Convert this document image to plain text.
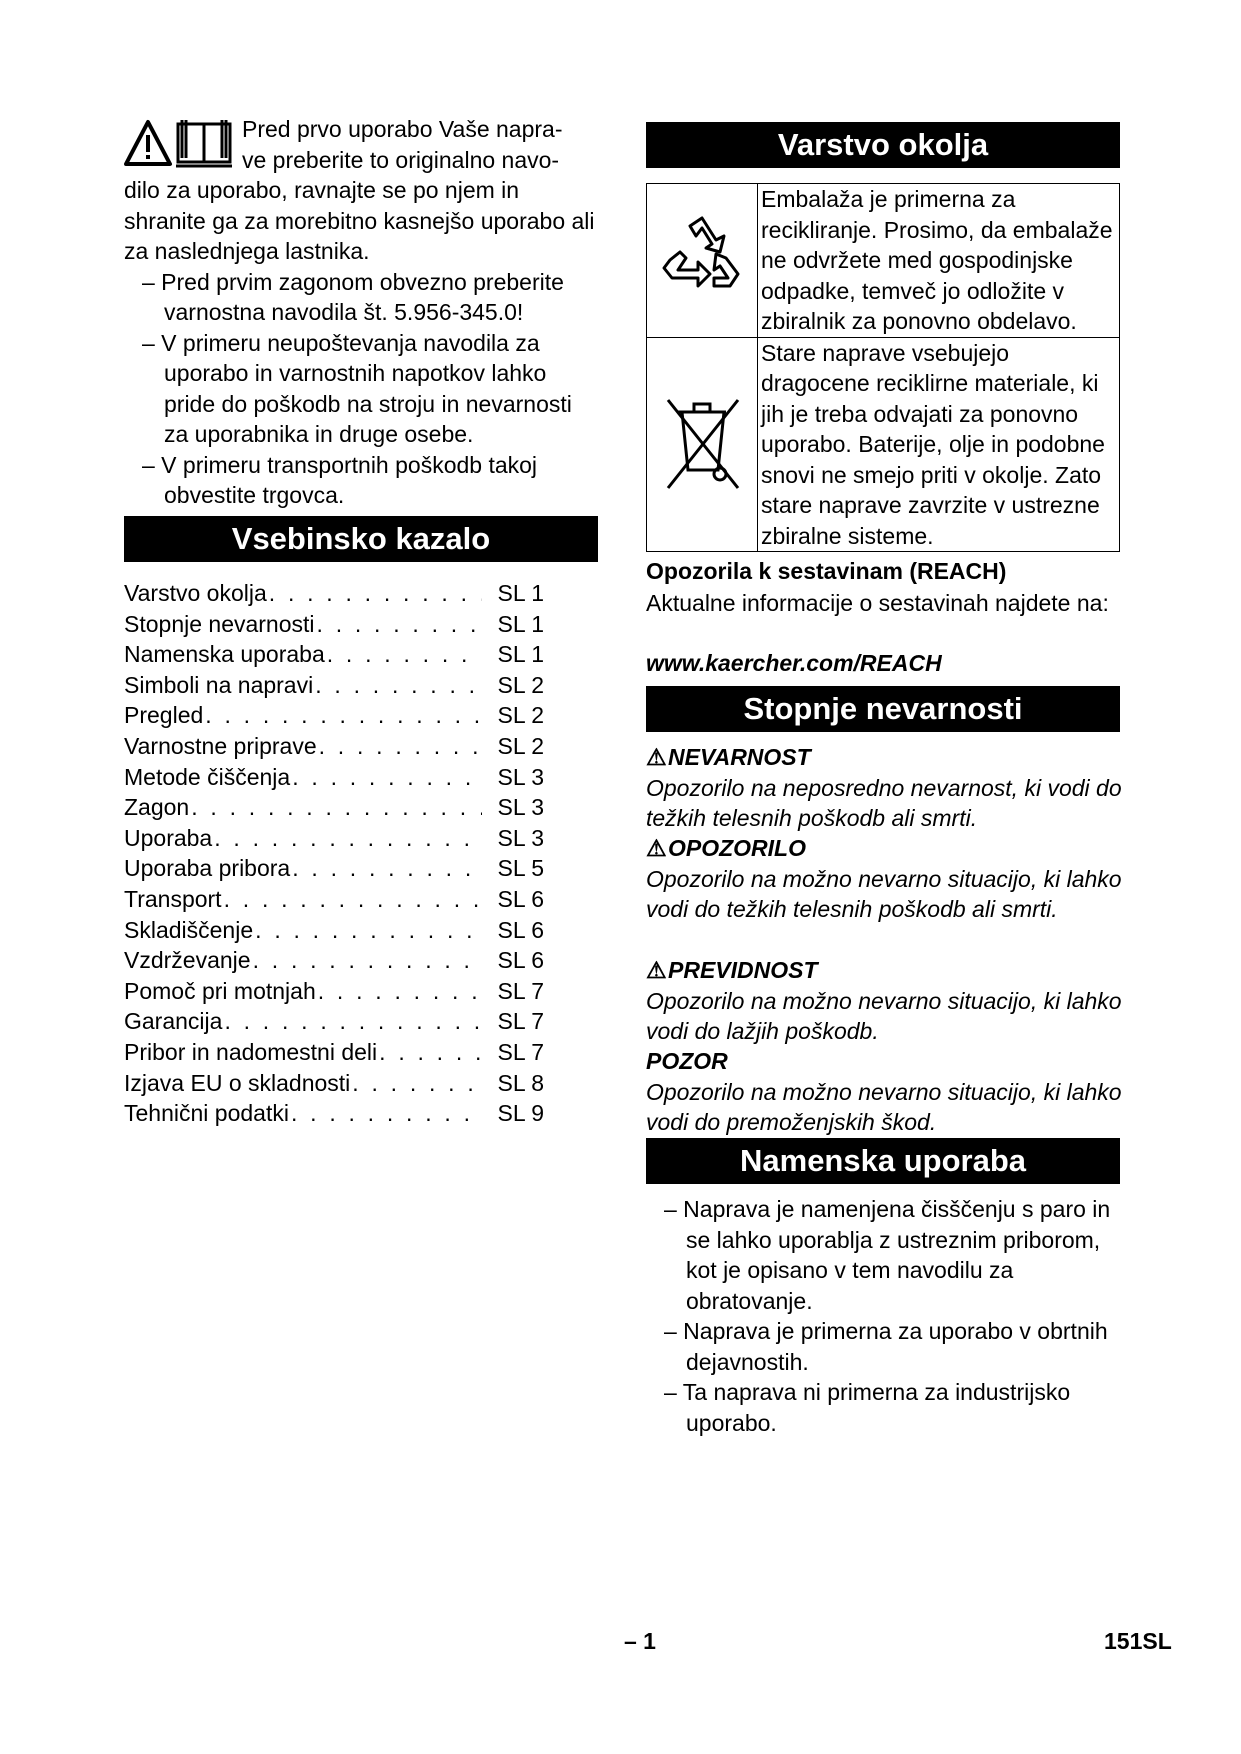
Pred prvo uporabo Vaše napra-

ve preberite to originalno navo-

dilo za uporabo, ravnajte se po njem in shranite ga za morebitno kasnejšo uporabo ali za naslednjega lastnika.

– Pred prvim zagonom obvezno preberite varnostna navodila št. 5.956-345.0!

– V primeru neupoštevanja navodila za uporabo in varnostnih napotkov lahko pride do poškodb na stroju in nevarnosti za uporabnika in druge osebe.

– V primeru transportnih poškodb takoj obvestite trgovca.

Vsebinsko kazalo
Varstvo okolja . . .	SL 1
Stopnje nevarnosti . . .	SL 1
Namenska uporaba . . .	SL 1
Simboli na napravi . . .	SL 2
Pregled . . .	SL 2
Varnostne priprave . . .	SL 2
Metode čiščenja . . .	SL 3
Zagon . . .	SL 3
Uporaba . . .	SL 3
Uporaba pribora . . .	SL 5
Transport . . .	SL 6
Skladiščenje . . .	SL 6
Vzdrževanje . . .	SL 6
Pomoč pri motnjah . . .	SL 7
Garancija . . .	SL 7
Pribor in nadomestni deli . . .	SL 7
Izjava EU o skladnosti . . .	SL 8
Tehnični podatki . . .	SL 9
Varstvo okolja
	Embalaža je primerna za recikliranje. Prosimo, da embalaže ne odvržete med gospodinjske odpadke, temveč jo odložite v zbiralnik za ponovno obdelavo.
	Stare naprave vsebujejo dragocene reciklirne materiale, ki jih je treba odvajati za ponovno uporabo. Baterije, olje in podobne snovi ne smejo priti v okolje. Zato stare naprave zavrzite v ustrezne zbiralne sisteme.
Opozorila k sestavinam (REACH)
Aktualne informacije o sestavinah najdete na:
www.kaercher.com/REACH
Stopnje nevarnosti

⚠NEVARNOST

Opozorilo na neposredno nevarnost, ki vodi do težkih telesnih poškodb ali smrti.

⚠OPOZORILO

Opozorilo na možno nevarno situacijo, ki lahko vodi do težkih telesnih poškodb ali smrti.

⚠PREVIDNOST

Opozorilo na možno nevarno situacijo, ki lahko vodi do lažjih poškodb.

POZOR

Opozorilo na možno nevarno situacijo, ki lahko vodi do premoženjskih škod.

Namenska uporaba

– Naprava je namenjena čisščenju s paro in se lahko uporablja z ustreznim priborom, kot je opisano v tem navodilu za obratovanje.

– Naprava je primerna za uporabo v obrtnih dejavnostih.

– Ta naprava ni primerna za industrijsko uporabo.

– 1	151SL
